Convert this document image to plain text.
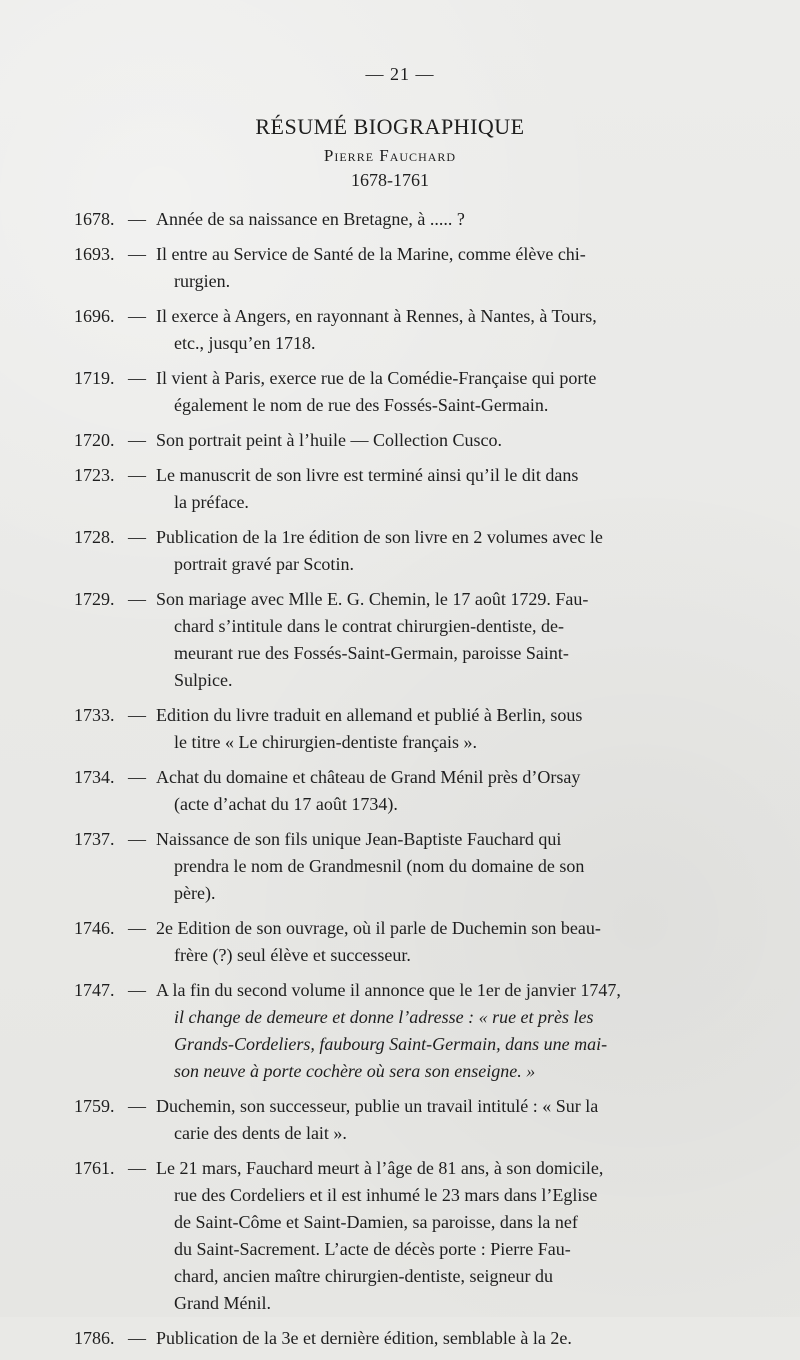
— 21 —
RÉSUMÉ BIOGRAPHIQUE
Pierre Fauchard
1678-1761
1678. — Année de sa naissance en Bretagne, à ..... ?
1693. — Il entre au Service de Santé de la Marine, comme élève chi-
rurgien.
1696. — Il exerce à Angers, en rayonnant à Rennes, à Nantes, à Tours,
etc., jusqu’en 1718.
1719. — Il vient à Paris, exerce rue de la Comédie-Française qui porte
également le nom de rue des Fossés-Saint-Germain.
1720. — Son portrait peint à l’huile — Collection Cusco.
1723. — Le manuscrit de son livre est terminé ainsi qu’il le dit dans
la préface.
1728. — Publication de la 1re édition de son livre en 2 volumes avec le
portrait gravé par Scotin.
1729. — Son mariage avec Mlle E. G. Chemin, le 17 août 1729. Fau-
chard s’intitule dans le contrat chirurgien-dentiste, de-
meurant rue des Fossés-Saint-Germain, paroisse Saint-
Sulpice.
1733. — Edition du livre traduit en allemand et publié à Berlin, sous
le titre « Le chirurgien-dentiste français ».
1734. — Achat du domaine et château de Grand Ménil près d’Orsay
(acte d’achat du 17 août 1734).
1737. — Naissance de son fils unique Jean-Baptiste Fauchard qui
prendra le nom de Grandmesnil (nom du domaine de son
père).
1746. — 2e Edition de son ouvrage, où il parle de Duchemin son beau-
frère (?) seul élève et successeur.
1747. — A la fin du second volume il annonce que le 1er de janvier 1747,
il change de demeure et donne l’adresse : « rue et près les
Grands-Cordeliers, faubourg Saint-Germain, dans une mai-
son neuve à porte cochère où sera son enseigne. »
1759. — Duchemin, son successeur, publie un travail intitulé : « Sur la
carie des dents de lait ».
1761. — Le 21 mars, Fauchard meurt à l’âge de 81 ans, à son domicile,
rue des Cordeliers et il est inhumé le 23 mars dans l’Eglise
de Saint-Côme et Saint-Damien, sa paroisse, dans la nef
du Saint-Sacrement. L’acte de décès porte : Pierre Fau-
chard, ancien maître chirurgien-dentiste, seigneur du
Grand Ménil.
1786. — Publication de la 3e et dernière édition, semblable à la 2e.
